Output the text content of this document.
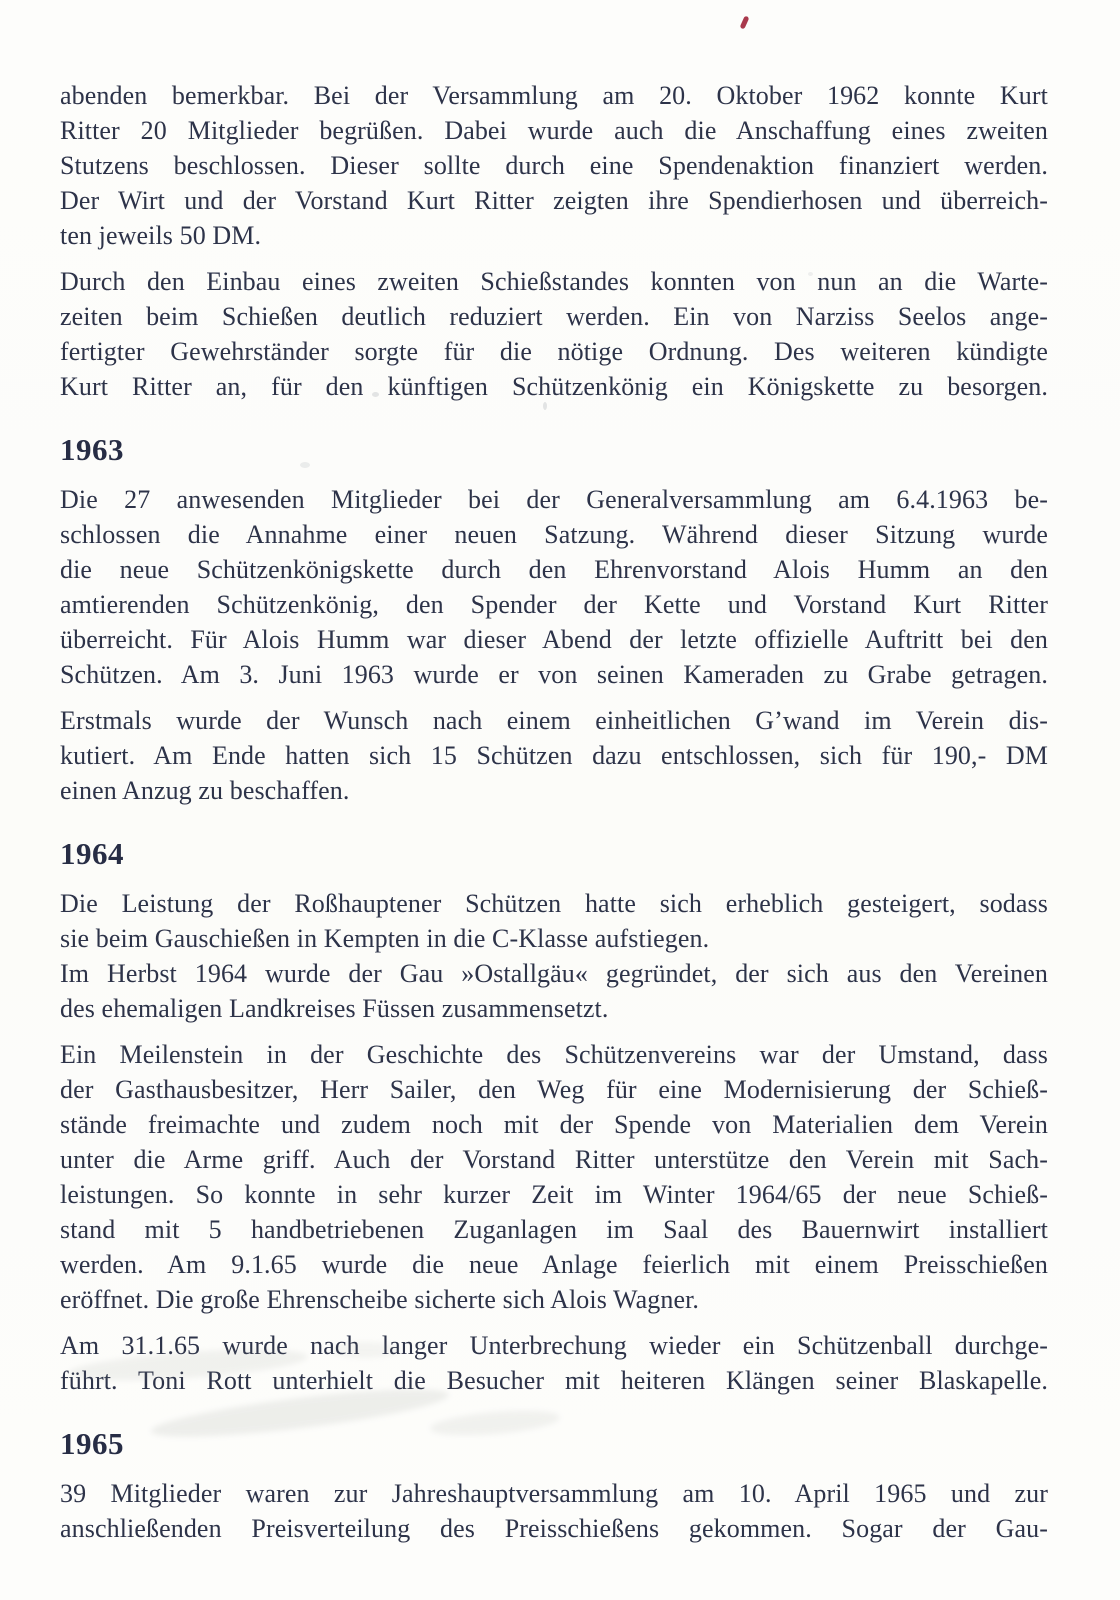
abenden bemerkbar. Bei der Versammlung am 20. Oktober 1962 konnte Kurt
Ritter 20 Mitglieder begrüßen. Dabei wurde auch die Anschaffung eines zweiten
Stutzens beschlossen. Dieser sollte durch eine Spendenaktion finanziert werden.
Der Wirt und der Vorstand Kurt Ritter zeigten ihre Spendierhosen und überreich-
ten jeweils 50 DM.
Durch den Einbau eines zweiten Schießstandes konnten von nun an die Warte-
zeiten beim Schießen deutlich reduziert werden. Ein von Narziss Seelos ange-
fertigter Gewehrständer sorgte für die nötige Ordnung. Des weiteren kündigte
Kurt Ritter an, für den künftigen Schützenkönig ein Königskette zu besorgen.
1963
Die 27 anwesenden Mitglieder bei der Generalversammlung am 6.4.1963 be-
schlossen die Annahme einer neuen Satzung. Während dieser Sitzung wurde
die neue Schützenkönigskette durch den Ehrenvorstand Alois Humm an den
amtierenden Schützenkönig, den Spender der Kette und Vorstand Kurt Ritter
überreicht. Für Alois Humm war dieser Abend der letzte offizielle Auftritt bei den
Schützen. Am 3. Juni 1963 wurde er von seinen Kameraden zu Grabe getragen.
Erstmals wurde der Wunsch nach einem einheitlichen G’wand im Verein dis-
kutiert. Am Ende hatten sich 15 Schützen dazu entschlossen, sich für 190,- DM
einen Anzug zu beschaffen.
1964
Die Leistung der Roßhauptener Schützen hatte sich erheblich gesteigert, sodass
sie beim Gauschießen in Kempten in die C-Klasse aufstiegen.
Im Herbst 1964 wurde der Gau »Ostallgäu« gegründet, der sich aus den Vereinen
des ehemaligen Landkreises Füssen zusammensetzt.
Ein Meilenstein in der Geschichte des Schützenvereins war der Umstand, dass
der Gasthausbesitzer, Herr Sailer, den Weg für eine Modernisierung der Schieß-
stände freimachte und zudem noch mit der Spende von Materialien dem Verein
unter die Arme griff. Auch der Vorstand Ritter unterstütze den Verein mit Sach-
leistungen. So konnte in sehr kurzer Zeit im Winter 1964/65 der neue Schieß-
stand mit 5 handbetriebenen Zuganlagen im Saal des Bauernwirt installiert
werden. Am 9.1.65 wurde die neue Anlage feierlich mit einem Preisschießen
eröffnet. Die große Ehrenscheibe sicherte sich Alois Wagner.
Am 31.1.65 wurde nach langer Unterbrechung wieder ein Schützenball durchge-
führt. Toni Rott unterhielt die Besucher mit heiteren Klängen seiner Blaskapelle.
1965
39 Mitglieder waren zur Jahreshauptversammlung am 10. April 1965 und zur
anschließenden Preisverteilung des Preisschießens gekommen. Sogar der Gau-
